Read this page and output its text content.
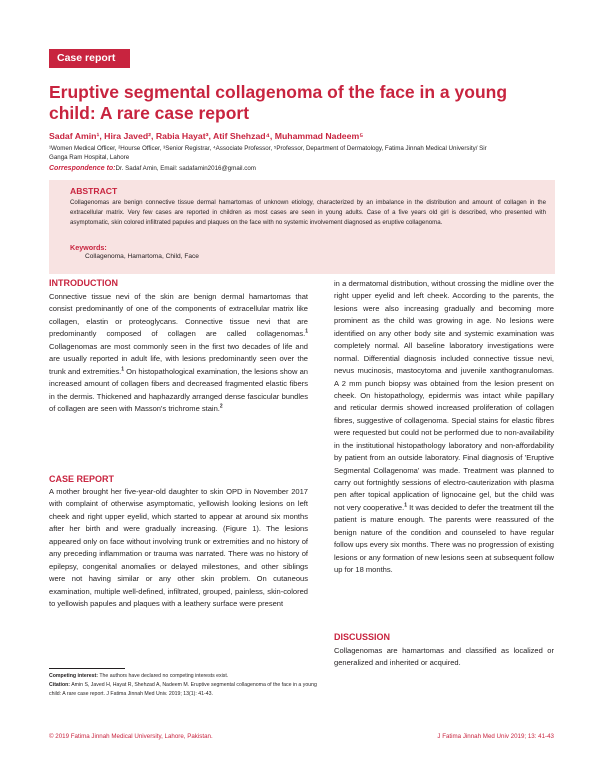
Case report
Eruptive segmental collagenoma of the face in a young child: A rare case report
Sadaf Amin¹, Hira Javed², Rabia Hayat³, Atif Shehzad⁴, Muhammad Nadeem⁵
¹Women Medical Officer, ²Hourse Officer, ³Senior Registrar, ⁴Associate Professor, ⁵Professor, Department of Dermatology, Fatima Jinnah Medical University/ Sir Ganga Ram Hospital, Lahore
Correspondence to:Dr. Sadaf Amin, Email: sadafamin2016@gmail.com
ABSTRACT

Collagenomas are benign connective tissue dermal hamartomas of unknown etiology, characterized by an imbalance in the distribution and amount of collagen in the extracellular matrix. Very few cases are reported in children as most cases are seen in young adults. Case of a five years old girl is described, who presented with asymptomatic, skin colored infiltrated papules and plaques on the face with no systemic involvement diagnosed as eruptive collagenoma.

Keywords:
Collagenoma, Hamartoma, Child, Face
INTRODUCTION

Connective tissue nevi of the skin are benign dermal hamartomas that consist predominantly of one of the components of extracellular matrix like collagen, elastin or proteoglycans. Connective tissue nevi that are predominantly composed of collagen are called collagenomas.$^1$ Collagenomas are most commonly seen in the first two decades of life and are usually reported in adult life, with lesions predominantly seen over the trunk and extremities.$^1$ On histopathological examination, the lesions show an increased amount of collagen fibers and decreased fragmented elastic fibers in the dermis. Thickened and haphazardly arranged dense fascicular bundles of collagen are seen with Masson's trichrome stain.$^2$

CASE REPORT

A mother brought her five-year-old daughter to skin OPD in November 2017 with complaint of otherwise asymptomatic, yellowish looking lesions on left cheek and right upper eyelid, which started to appear at around six months after her birth and were gradually increasing. (Figure 1). The lesions appeared only on face without involving trunk or extremities and no history of any preceding inflammation or trauma was narrated. There was no history of epilepsy, congenital anomalies or delayed milestones, and other siblings were not having similar or any other skin problem. On cutaneous examination, multiple well-defined, infiltrated, grouped, painless, skin-colored to yellowish papules and plaques with a leathery surface were present

in a dermatomal distribution, without crossing the midline over the right upper eyelid and left cheek. According to the parents, the lesions were also increasing gradually and becoming more prominent as the child was growing in age. No lesions were identified on any other body site and systemic examination was completely normal. All baseline laboratory investigations were normal. Differential diagnosis included connective tissue nevi, nevus mucinosis, mastocytoma and juvenile xanthogranulomas. A 2 mm punch biopsy was obtained from the lesion present on cheek. On histopathology, epidermis was intact while papillary and reticular dermis showed increased proliferation of collagen fibres, suggestive of collagenoma. Special stains for elastic fibres were requested but could not be performed due to non-availability in the institutional histopathology laboratory and non-affordability by patient from an outside laboratory. Final diagnosis of 'Eruptive Segmental Collagenoma' was made. Treatment was planned to carry out fortnightly sessions of electro-cauterization with plasma pen after topical application of lignocaine gel, but the child was not very cooperative.$^1$ It was decided to defer the treatment till the patient is mature enough. The parents were reassured of the benign nature of the condition and counseled to have regular follow ups every six months. There was no progression of existing lesions or any formation of new lesions seen at subsequent follow up for 18 months.

DISCUSSION

Collagenomas are hamartomas and classified as localized or generalized and inherited or acquired.

Competing interest: The authors have declared no competing interests exist.
Citation: Amin S, Javed H, Hayat R, Shehzad A, Nadeem M. Eruptive segmental collagenoma of the face in a young child: A rare case report. J Fatima Jinnah Med Univ. 2019; 13(1): 41-43.

© 2019 Fatima Jinnah Medical University, Lahore, Pakistan.	J Fatima Jinnah Med Univ 2019; 13: 41-43
